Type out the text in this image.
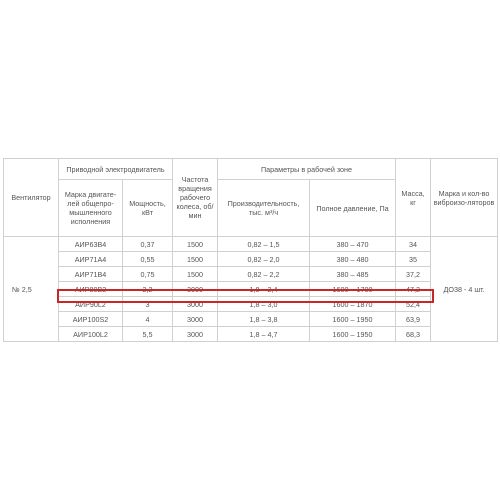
Вентилятор	Приводной электродвигатель		Частота вращения рабочего колеса, об/мин	Параметры в рабочей зоне		Масса, кг	Марка и кол-во виброизо-ляторов
	Марка двигате-лей общепро-мышленного исполнения	Мощность, кВт		Производительность, тыс. м³/ч	Полное давление, Па		
№ 2,5	АИР63В4	0,37	1500	0,82 – 1,5	380 – 470	34	ДО38 - 4 шт.
	АИР71А4	0,55	1500	0,82 – 2,0	380 – 480	35	
	АИР71В4	0,75	1500	0,82 – 2,2	380 – 485	37,2	
	АИР80В2	2,2	3000	1,8 – 2,4	1600 – 1700	47,2	
	АИР90L2	3	3000	1,8 – 3,0	1600 – 1870	52,4	
	АИР100S2	4	3000	1,8 – 3,8	1600 – 1950	63,9	
	АИР100L2	5,5	3000	1,8 – 4,7	1600 – 1950	68,3	
